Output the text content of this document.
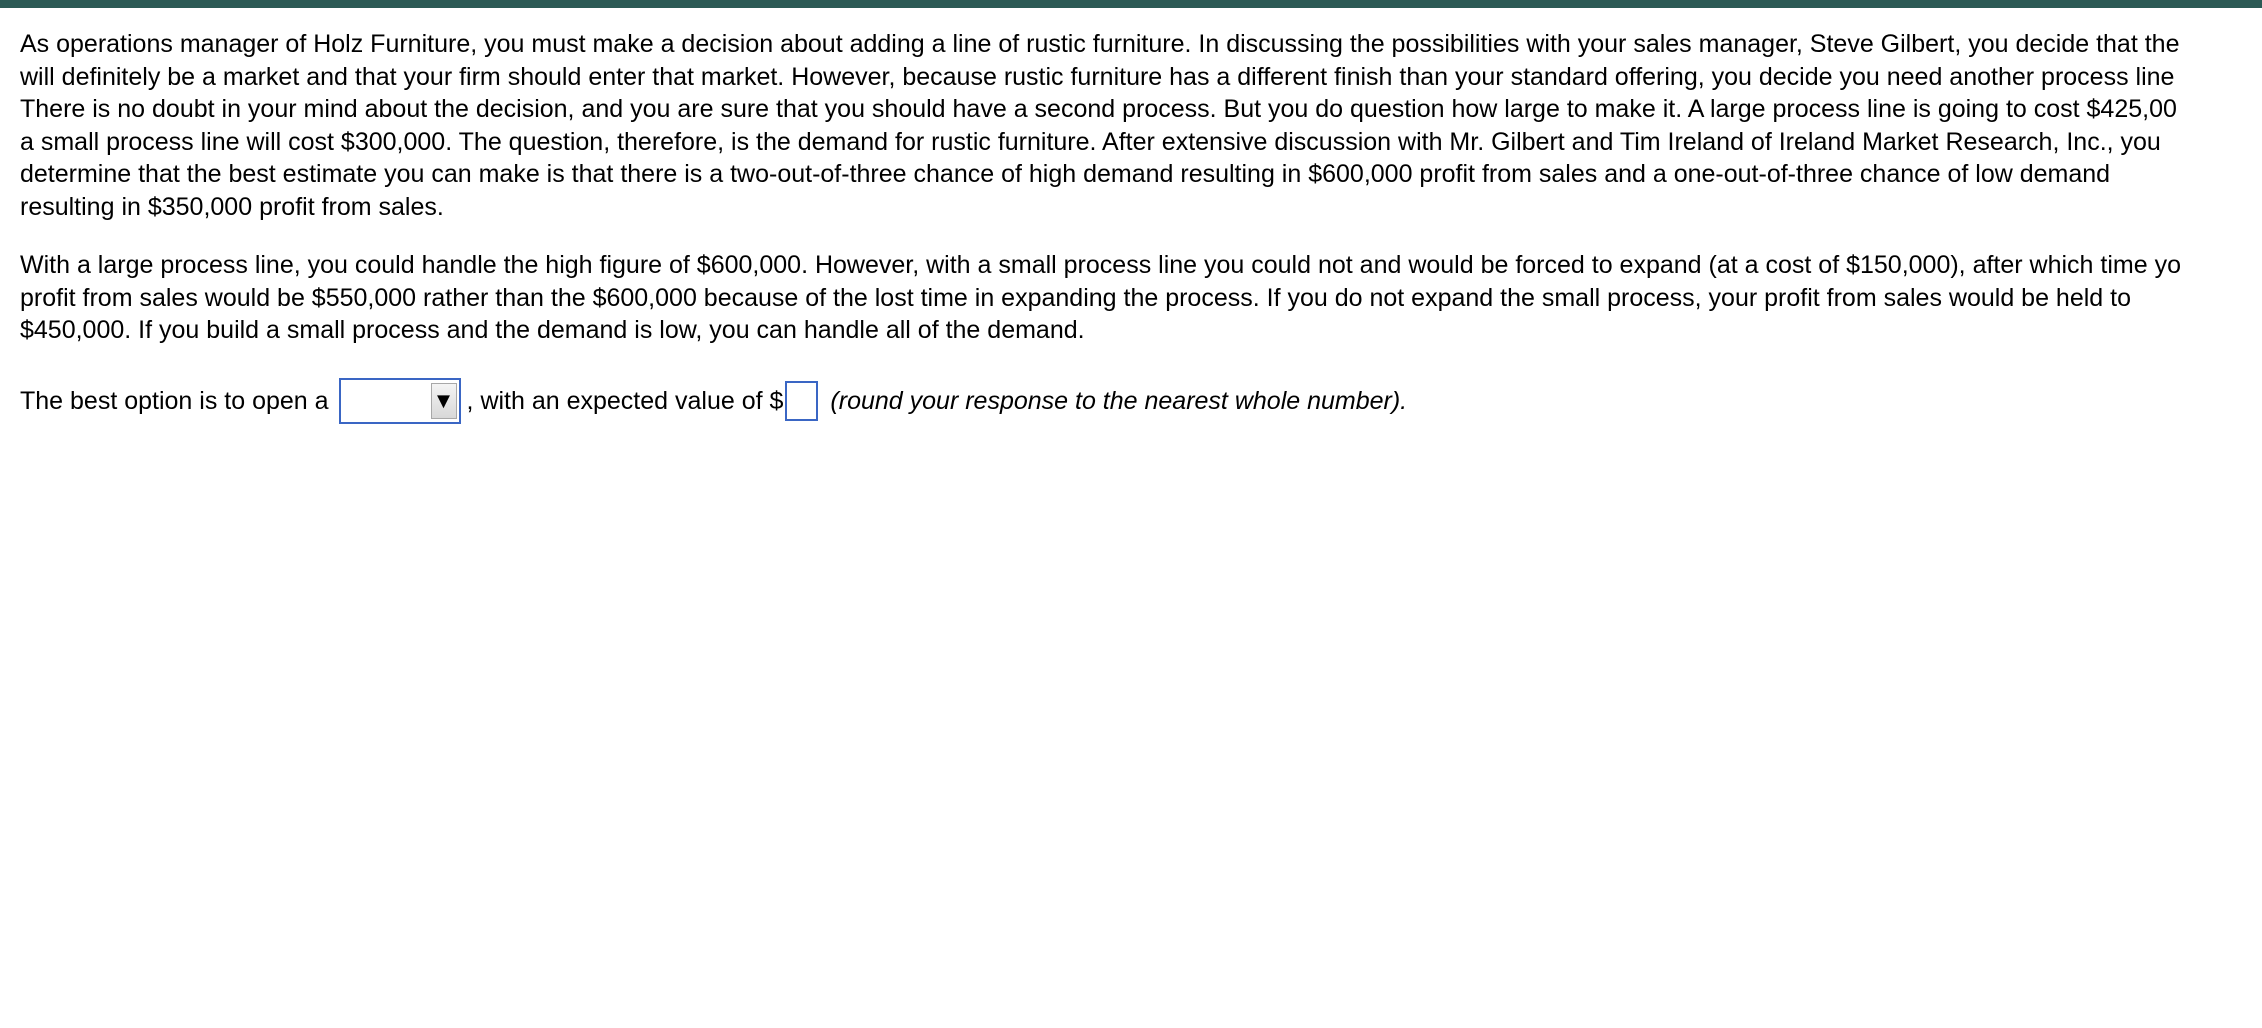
As operations manager of Holz Furniture, you must make a decision about adding a line of rustic furniture. In discussing the possibilities with your sales manager, Steve Gilbert, you decide that the
will definitely be a market and that your firm should enter that market. However, because rustic furniture has a different finish than your standard offering, you decide you need another process line
There is no doubt in your mind about the decision, and you are sure that you should have a second process. But you do question how large to make it. A large process line is going to cost $425,00
a small process line will cost $300,000. The question, therefore, is the demand for rustic furniture. After extensive discussion with Mr. Gilbert and Tim Ireland of Ireland Market Research, Inc., you
determine that the best estimate you can make is that there is a two-out-of-three chance of high demand resulting in $600,000 profit from sales and a one-out-of-three chance of low demand
resulting in $350,000 profit from sales.

With a large process line, you could handle the high figure of $600,000. However, with a small process line you could not and would be forced to expand (at a cost of $150,000), after which time yo
profit from sales would be $550,000 rather than the $600,000 because of the lost time in expanding the process. If you do not expand the small process, your profit from sales would be held to
$450,000. If you build a small process and the demand is low, you can handle all of the demand.

The best option is to open a	▼ , with an expected value of $ (round your response to the nearest whole number).
